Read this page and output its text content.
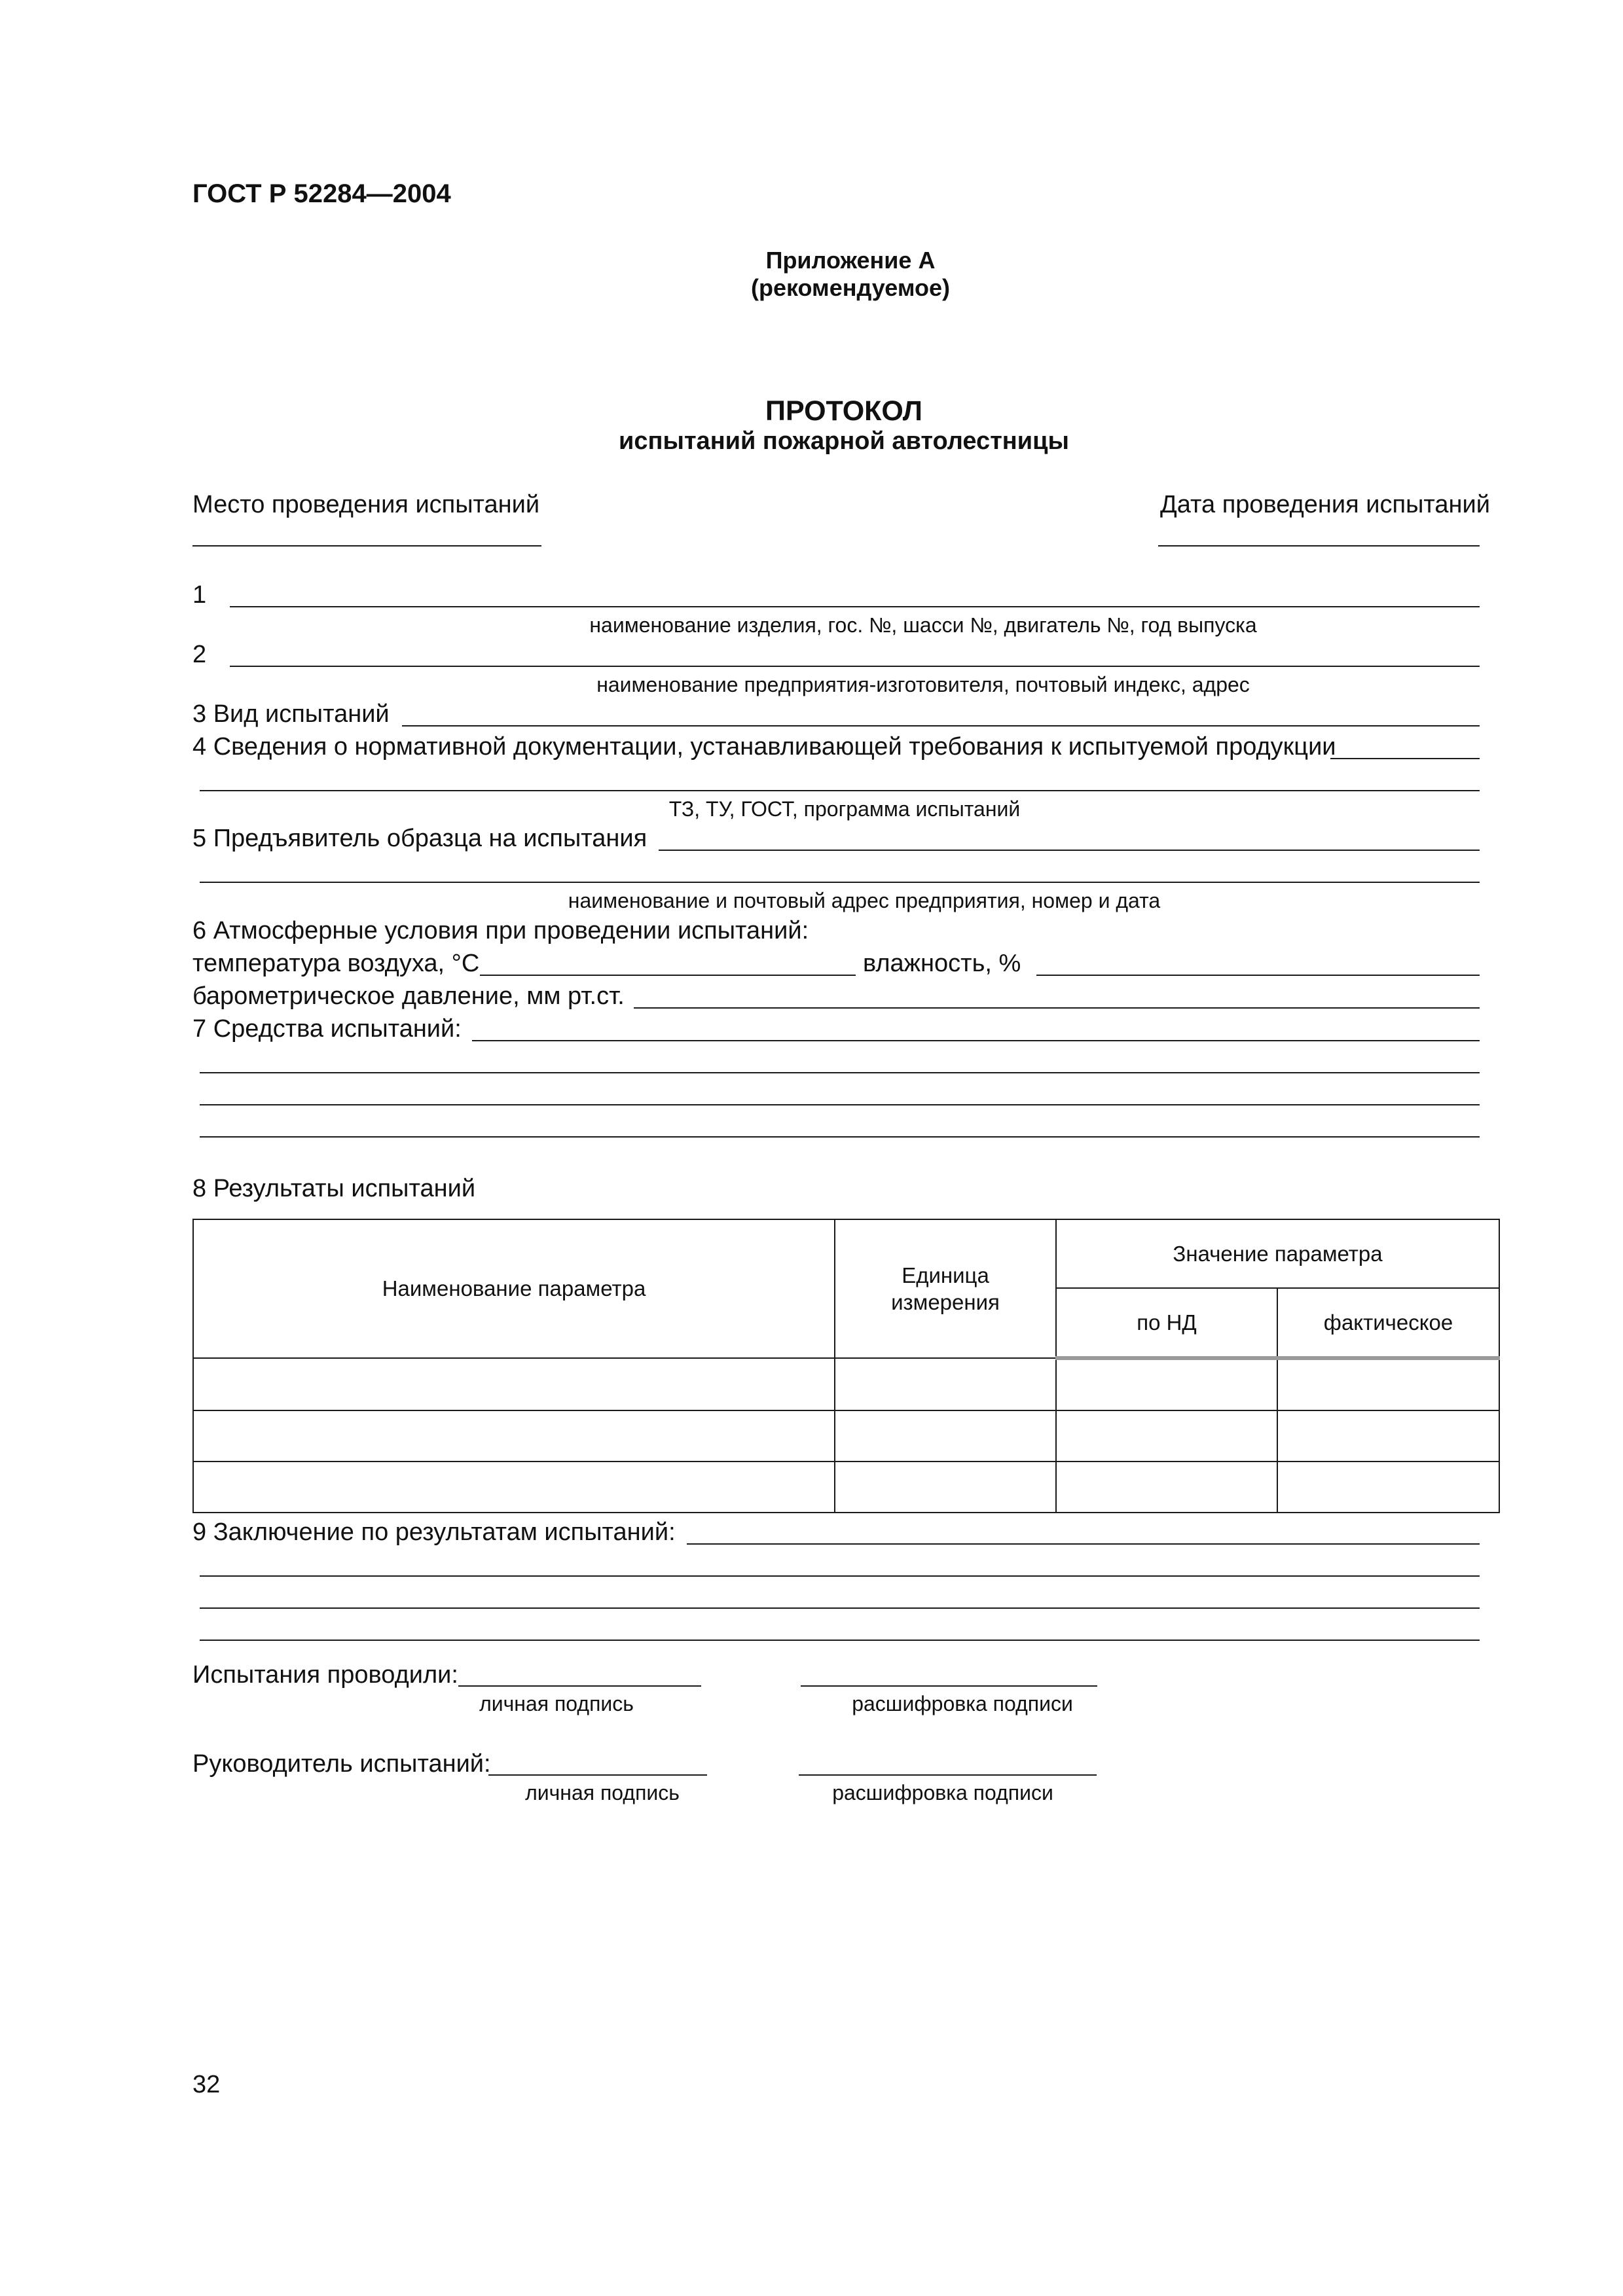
ГОСТ Р 52284—2004
Приложение А
(рекомендуемое)
ПРОТОКОЛ
испытаний пожарной автолестницы
Место проведения испытаний	Дата проведения испытаний
1
наименование изделия, гос. №, шасси №, двигатель №, год выпуска
2
наименование предприятия-изготовителя, почтовый индекс, адрес
3 Вид испытаний
4 Сведения о нормативной документации, устанавливающей требования к испытуемой продукции
ТЗ, ТУ, ГОСТ, программа испытаний
5 Предъявитель образца на испытания
наименование и почтовый адрес предприятия, номер и дата
6 Атмосферные условия при проведении испытаний:
температура воздуха, °С	влажность, %
барометрическое давление, мм рт.ст.
7 Средства испытаний:
8 Результаты испытаний
Наименование параметра	Единица измерения	Значение параметра	
		по НД	фактическое

9 Заключение по результатам испытаний:
Испытания проводили:
личная подпись	расшифровка подписи
Руководитель испытаний:
личная подпись	расшифровка подписи
32
